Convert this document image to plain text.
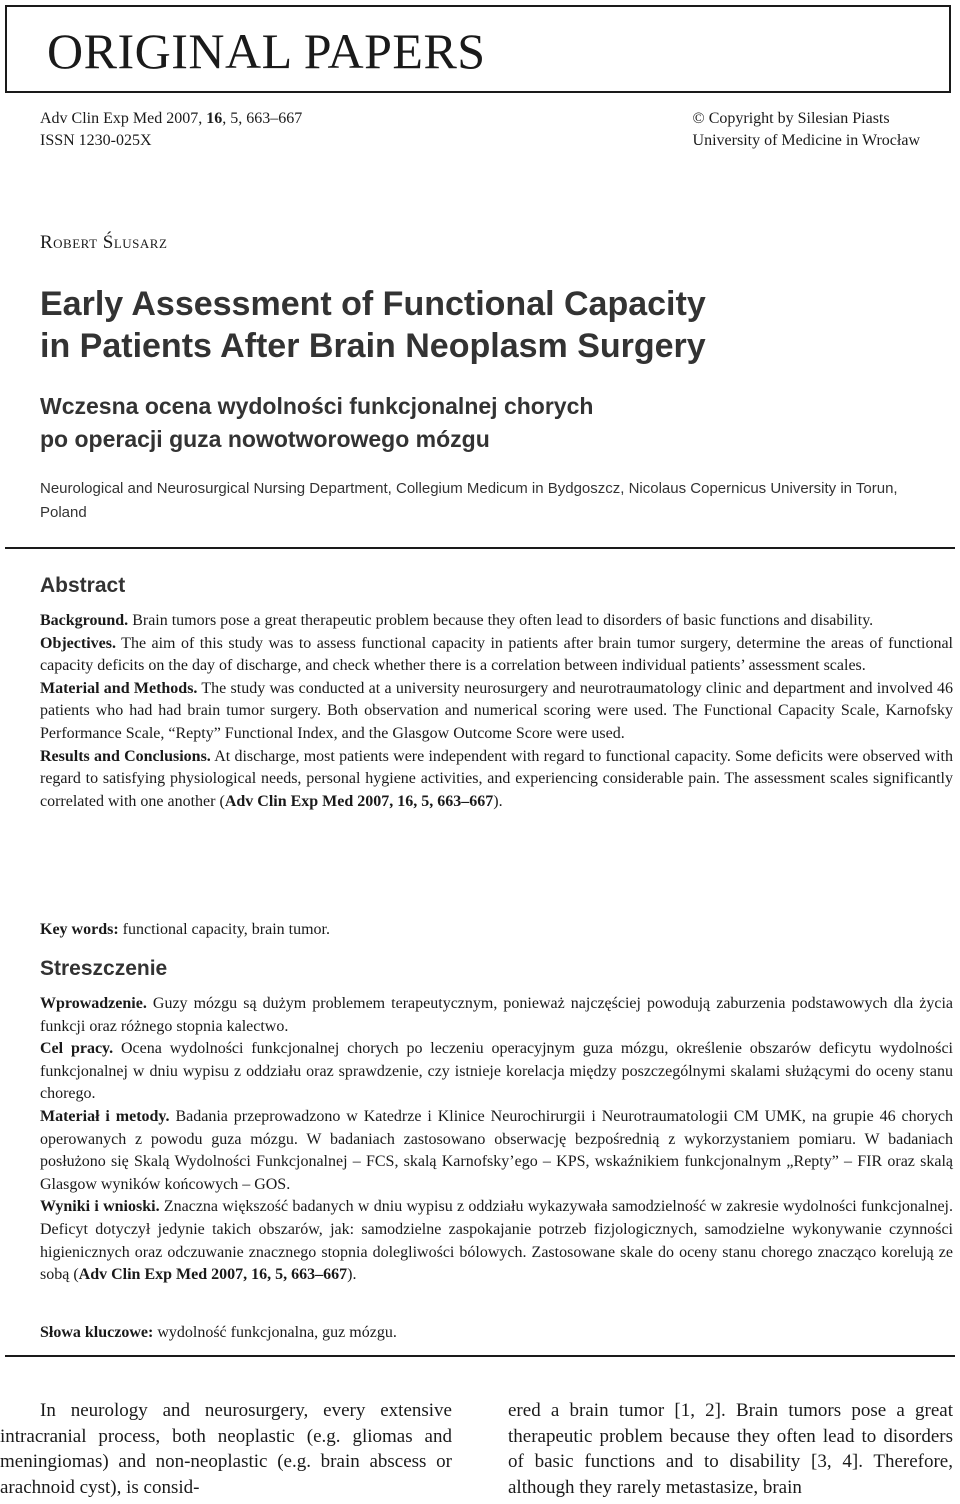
ORIGINAL PAPERS
Adv Clin Exp Med 2007, 16, 5, 663–667
ISSN 1230-025X
© Copyright by Silesian Piasts
University of Medicine in Wrocław
Robert Ślusarz
Early Assessment of Functional Capacity
in Patients After Brain Neoplasm Surgery
Wczesna ocena wydolności funkcjonalnej chorych
po operacji guza nowotworowego mózgu
Neurological and Neurosurgical Nursing Department, Collegium Medicum in Bydgoszcz, Nicolaus Copernicus University in Torun, Poland
Abstract

Background. Brain tumors pose a great therapeutic problem because they often lead to disorders of basic functions and disability.

Objectives. The aim of this study was to assess functional capacity in patients after brain tumor surgery, determine the areas of functional capacity deficits on the day of discharge, and check whether there is a correlation between individual patients’ assessment scales.

Material and Methods. The study was conducted at a university neurosurgery and neurotraumatology clinic and department and involved 46 patients who had had brain tumor surgery. Both observation and numerical scoring were used. The Functional Capacity Scale, Karnofsky Performance Scale, “Repty” Functional Index, and the Glasgow Outcome Score were used.

Results and Conclusions. At discharge, most patients were independent with regard to functional capacity. Some deficits were observed with regard to satisfying physiological needs, personal hygiene activities, and experiencing considerable pain. The assessment scales significantly correlated with one another (Adv Clin Exp Med 2007, 16, 5, 663–667).

Key words: functional capacity, brain tumor.
Streszczenie

Wprowadzenie. Guzy mózgu są dużym problemem terapeutycznym, ponieważ najczęściej powodują zaburzenia podstawowych dla życia funkcji oraz różnego stopnia kalectwo.

Cel pracy. Ocena wydolności funkcjonalnej chorych po leczeniu operacyjnym guza mózgu, określenie obszarów deficytu wydolności funkcjonalnej w dniu wypisu z oddziału oraz sprawdzenie, czy istnieje korelacja między poszczególnymi skalami służącymi do oceny stanu chorego.

Materiał i metody. Badania przeprowadzono w Katedrze i Klinice Neurochirurgii i Neurotraumatologii CM UMK, na grupie 46 chorych operowanych z powodu guza mózgu. W badaniach zastosowano obserwację bezpośrednią z wykorzystaniem pomiaru. W badaniach posłużono się Skalą Wydolności Funkcjonalnej – FCS, skalą Karnofsky’ego – KPS, wskaźnikiem funkcjonalnym „Repty” – FIR oraz skalą Glasgow wyników końcowych – GOS.

Wyniki i wnioski. Znaczna większość badanych w dniu wypisu z oddziału wykazywała samodzielność w zakresie wydolności funkcjonalnej. Deficyt dotyczył jedynie takich obszarów, jak: samodzielne zaspokajanie potrzeb fizjologicznych, samodzielne wykonywanie czynności higienicznych oraz odczuwanie znacznego stopnia dolegliwości bólowych. Zastosowane skale do oceny stanu chorego znacząco korelują ze sobą (Adv Clin Exp Med 2007, 16, 5, 663–667).

Słowa kluczowe: wydolność funkcjonalna, guz mózgu.

In neurology and neurosurgery, every extensive intracranial process, both neoplastic (e.g. gliomas and meningiomas) and non-neoplastic (e.g. brain abscess or arachnoid cyst), is consid-

ered a brain tumor [1, 2]. Brain tumors pose a great therapeutic problem because they often lead to disorders of basic functions and to disability [3, 4]. Therefore, although they rarely metastasize, brain
